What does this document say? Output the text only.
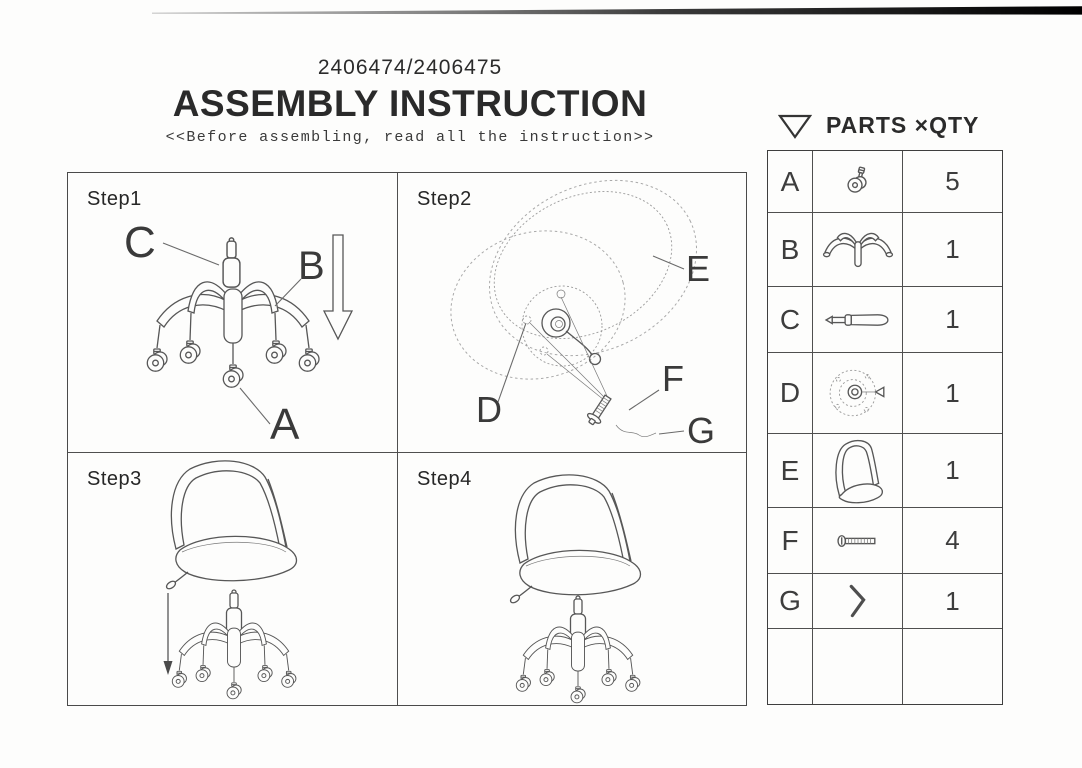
2406474/2406475
ASSEMBLY INSTRUCTION
<<Before assembling, read all the instruction>>	PARTS ×QTY
C	B
A
Step1
E
D
F
G
Step2
Step3	Step4
A	5
B	1
C	1
D	1
E	1
F	4
G	1
